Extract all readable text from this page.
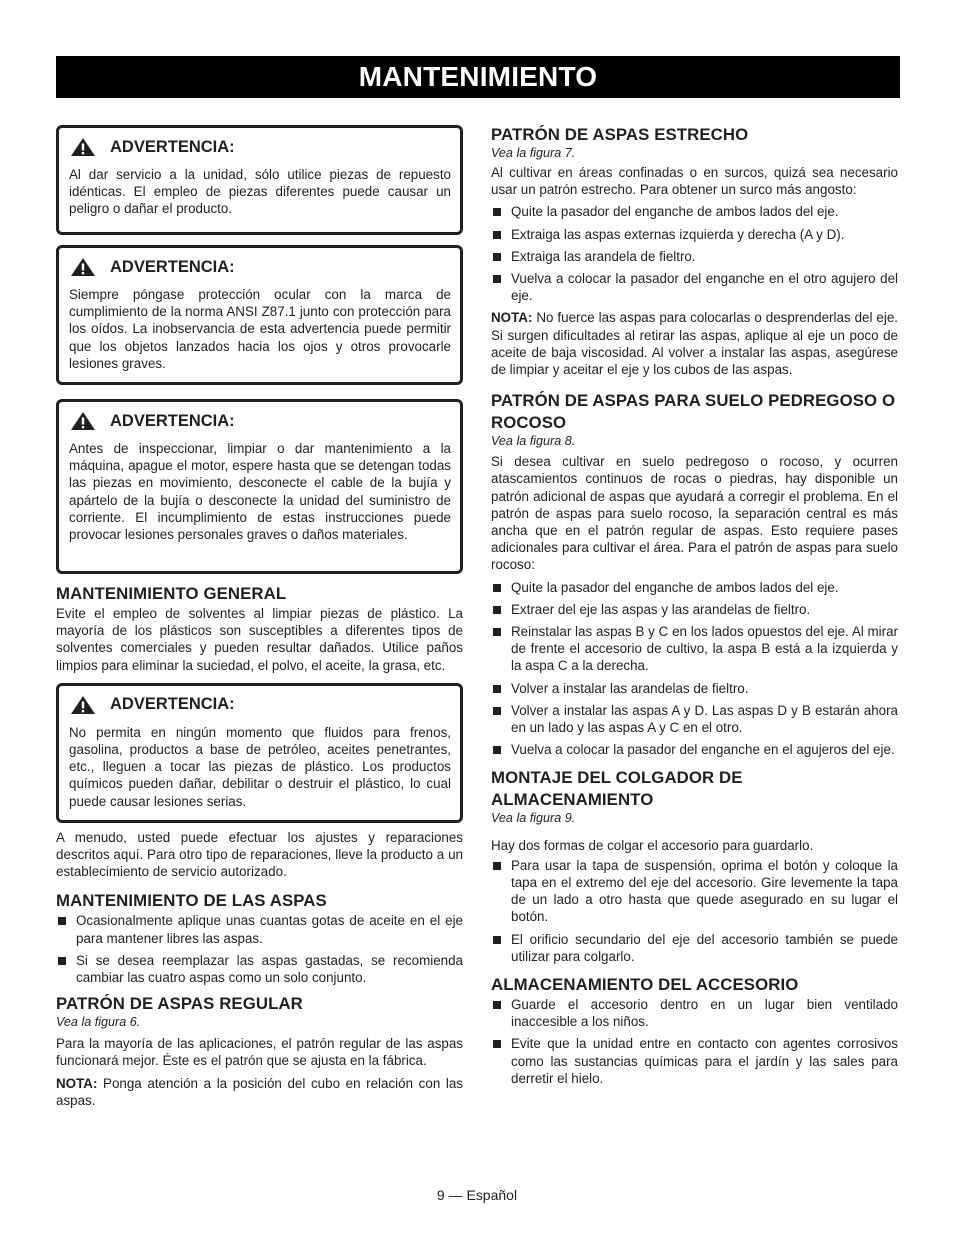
MANTENIMIENTO
ADVERTENCIA:

Al dar servicio a la unidad, sólo utilice piezas de repuesto idénticas. El empleo de piezas diferentes puede causar un peligro o dañar el producto.

ADVERTENCIA:

Siempre póngase protección ocular con la marca de cumplimiento de la norma ANSI Z87.1 junto con protección para los oídos. La inobservancia de esta advertencia puede permitir que los objetos lanzados hacia los ojos y otros provocarle lesiones graves.

ADVERTENCIA:

Antes de inspeccionar, limpiar o dar mantenimiento a la máquina, apague el motor, espere hasta que se detengan todas las piezas en movimiento, desconecte el cable de la bujía y apártelo de la bujía o desconecte la unidad del suministro de corriente. El incumplimiento de estas instrucciones puede provocar lesiones personales graves o daños materiales.

MANTENIMIENTO GENERAL

Evite el empleo de solventes al limpiar piezas de plástico. La mayoría de los plásticos son susceptibles a diferentes tipos de solventes comerciales y pueden resultar dañados. Utilice paños limpios para eliminar la suciedad, el polvo, el aceite, la grasa, etc.

ADVERTENCIA:

No permita en ningún momento que fluidos para frenos, gasolina, productos a base de petróleo, aceites penetrantes, etc., lleguen a tocar las piezas de plástico. Los productos químicos pueden dañar, debilitar o destruir el plástico, lo cual puede causar lesiones serias.

A menudo, usted puede efectuar los ajustes y reparaciones descritos aquí. Para otro tipo de reparaciones, lleve la producto a un establecimiento de servicio autorizado.

MANTENIMIENTO DE LAS ASPAS
Ocasionalmente aplique unas cuantas gotas de aceite en el eje para mantener libres las aspas.
Si se desea reemplazar las aspas gastadas, se recomienda cambiar las cuatro aspas como un solo conjunto.
PATRÓN DE ASPAS REGULAR

Vea la figura 6.

Para la mayoría de las aplicaciones, el patrón regular de las aspas funcionará mejor. Éste es el patrón que se ajusta en la fábrica.

NOTA: Ponga atención a la posición del cubo en relación con las aspas.

PATRÓN DE ASPAS ESTRECHO

Vea la figura 7.

Al cultivar en áreas confinadas o en surcos, quizá sea necesario usar un patrón estrecho. Para obtener un surco más angosto:

Quite la pasador del enganche de ambos lados del eje.
Extraiga las aspas externas izquierda y derecha (A y D).
Extraiga las arandela de fieltro.
Vuelva a colocar la pasador del enganche en el otro agujero del eje.

NOTA: No fuerce las aspas para colocarlas o desprenderlas del eje. Si surgen dificultades al retirar las aspas, aplique al eje un poco de aceite de baja viscosidad. Al volver a instalar las aspas, asegúrese de limpiar y aceitar el eje y los cubos de las aspas.

PATRÓN DE ASPAS PARA SUELO PEDREGOSO O ROCOSO

Vea la figura 8.

Si desea cultivar en suelo pedregoso o rocoso, y ocurren atascamientos continuos de rocas o piedras, hay disponible un patrón adicional de aspas que ayudará a corregir el problema. En el patrón de aspas para suelo rocoso, la separación central es más ancha que en el patrón regular de aspas. Esto requiere pases adicionales para cultivar el área. Para el patrón de aspas para suelo rocoso:

Quite la pasador del enganche de ambos lados del eje.
Extraer del eje las aspas y las arandelas de fieltro.
Reinstalar las aspas B y C en los lados opuestos del eje. Al mirar de frente el accesorio de cultivo, la aspa B está a la izquierda y la aspa C a la derecha.
Volver a instalar las arandelas de fieltro.
Volver a instalar las aspas A y D. Las aspas D y B estarán ahora en un lado y las aspas A y C en el otro.
Vuelva a colocar la pasador del enganche en el agujeros del eje.
MONTAJE DEL COLGADOR DE ALMACENAMIENTO

Vea la figura 9.

Hay dos formas de colgar el accesorio para guardarlo.

Para usar la tapa de suspensión, oprima el botón y coloque la tapa en el extremo del eje del accesorio. Gire levemente la tapa de un lado a otro hasta que quede asegurado en su lugar el botón.
El orificio secundario del eje del accesorio también se puede utilizar para colgarlo.
ALMACENAMIENTO DEL ACCESORIO
Guarde el accesorio dentro en un lugar bien ventilado inaccesible a los niños.
Evite que la unidad entre en contacto con agentes corrosivos como las sustancias químicas para el jardín y las sales para derretir el hielo.
9 — Español
